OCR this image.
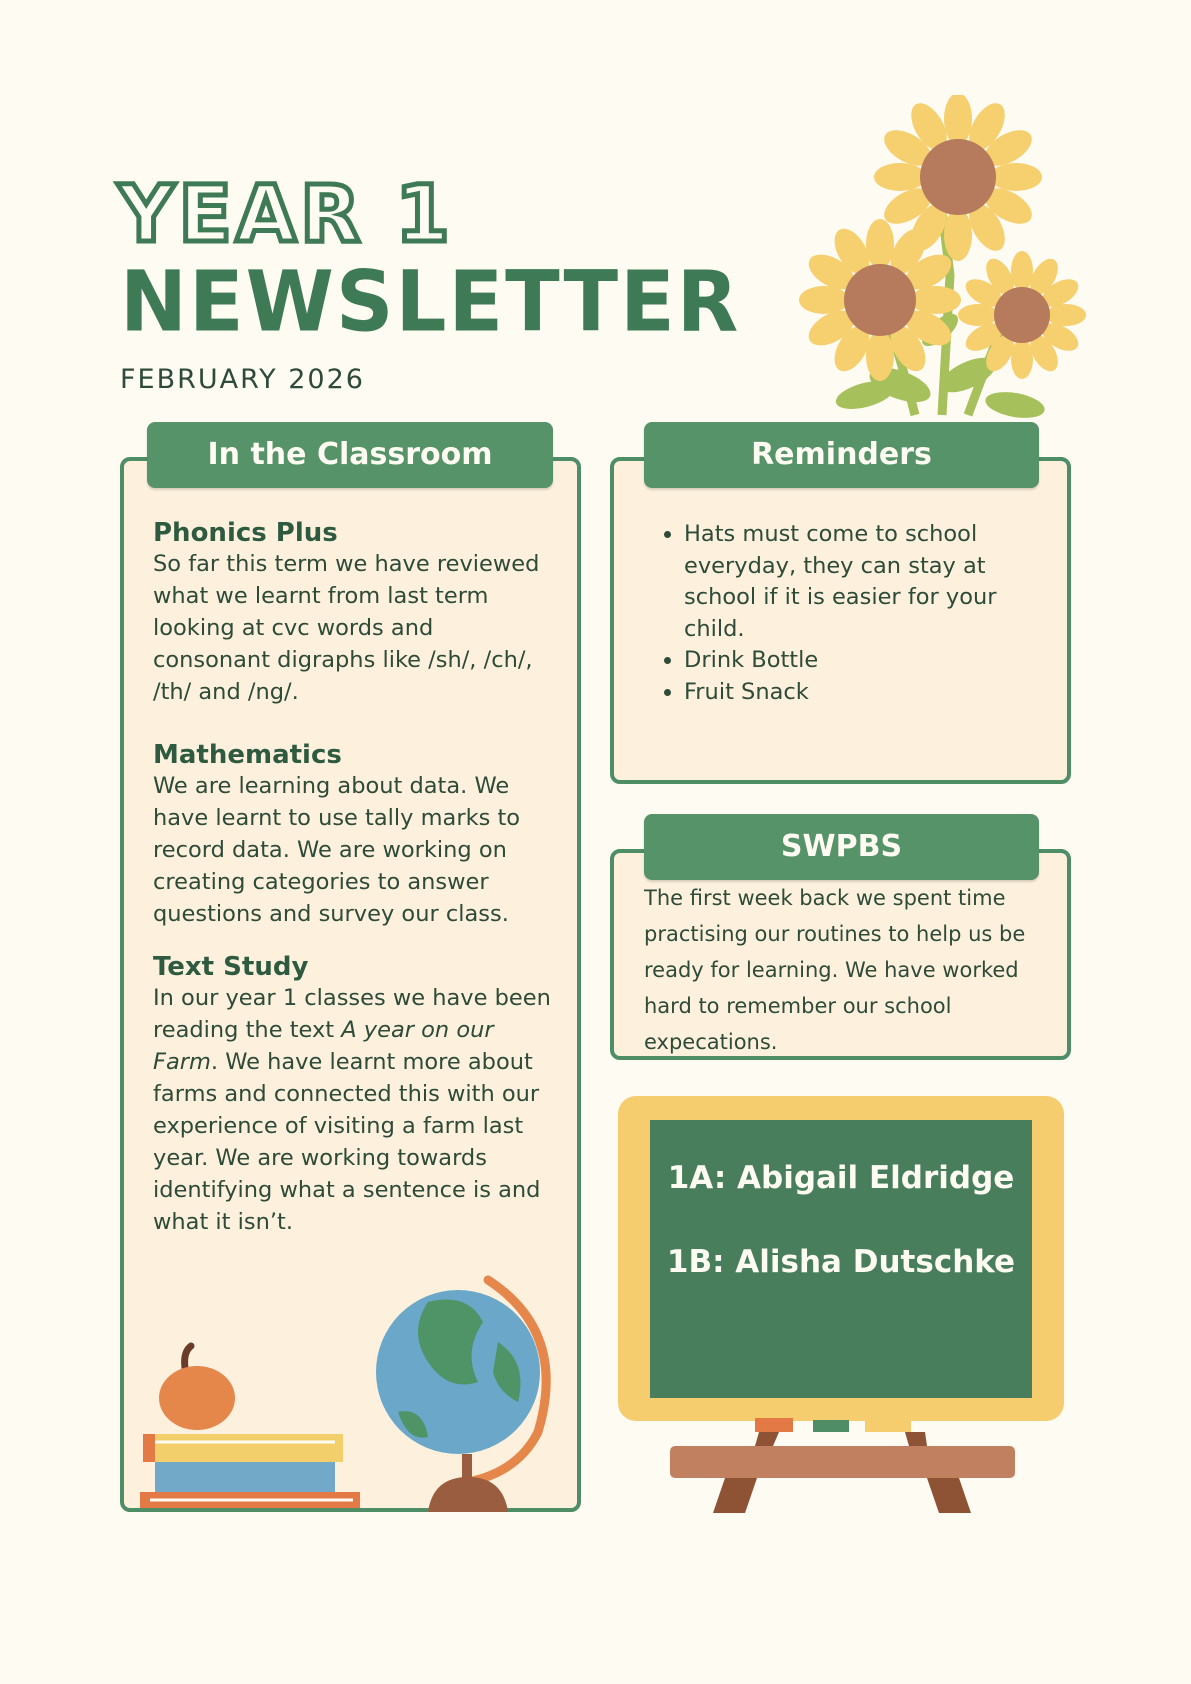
YEAR 1
NEWSLETTER
FEBRUARY 2026
In the Classroom

Phonics Plus

So far this term we have reviewed what we learnt from last term looking at cvc words and consonant digraphs like /sh/, /ch/, /th/ and /ng/.

Mathematics

We are learning about data. We have learnt to use tally marks to record data. We are working on creating categories to answer questions and survey our class.

Text Study

In our year 1 classes we have been reading the text A year on our Farm. We have learnt more about farms and connected this with our experience of visiting a farm last year. We are working towards identifying what a sentence is and what it isn’t.

Reminders
• Hats must come to school everyday, they can stay at school if it is easier for your child.
• Drink Bottle
• Fruit Snack
SWPBS
The first week back we spent time practising our routines to help us be ready for learning. We have worked hard to remember our school expecations.
1A: Abigail Eldridge
1B: Alisha Dutschke
